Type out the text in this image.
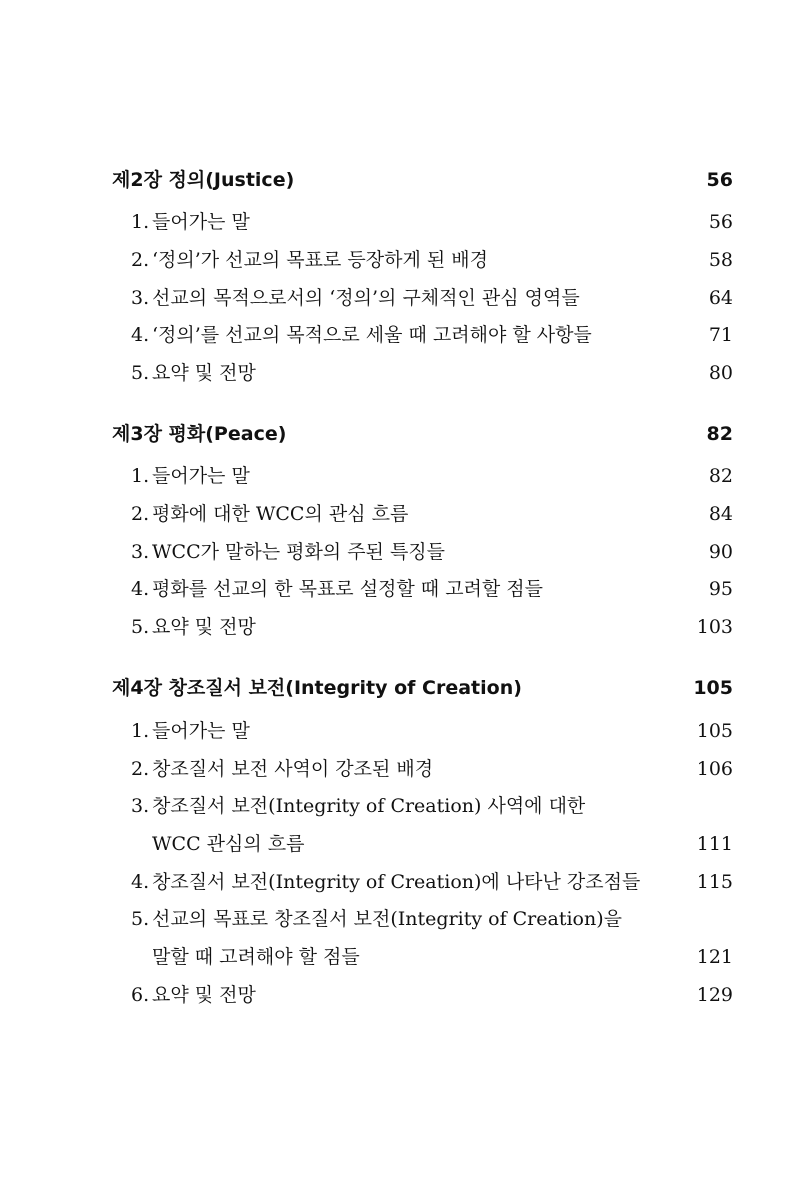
제2장 정의(Justice)	56
1. 들어가는 말	56
2. ‘정의’가 선교의 목표로 등장하게 된 배경	58
3. 선교의 목적으로서의 ‘정의’의 구체적인 관심 영역들	64
4. ‘정의’를 선교의 목적으로 세울 때 고려해야 할 사항들	71
5. 요약 및 전망	80
제3장 평화(Peace)	82
1. 들어가는 말	82
2. 평화에 대한 WCC의 관심 흐름	84
3. WCC가 말하는 평화의 주된 특징들	90
4. 평화를 선교의 한 목표로 설정할 때 고려할 점들	95
5. 요약 및 전망	103
제4장 창조질서 보전(Integrity of Creation)	105
1. 들어가는 말	105
2. 창조질서 보전 사역이 강조된 배경	106
3. 창조질서 보전(Integrity of Creation) 사역에 대한
WCC 관심의 흐름	111
4. 창조질서 보전(Integrity of Creation)에 나타난 강조점들	115
5. 선교의 목표로 창조질서 보전(Integrity of Creation)을
말할 때 고려해야 할 점들	121
6. 요약 및 전망	129
